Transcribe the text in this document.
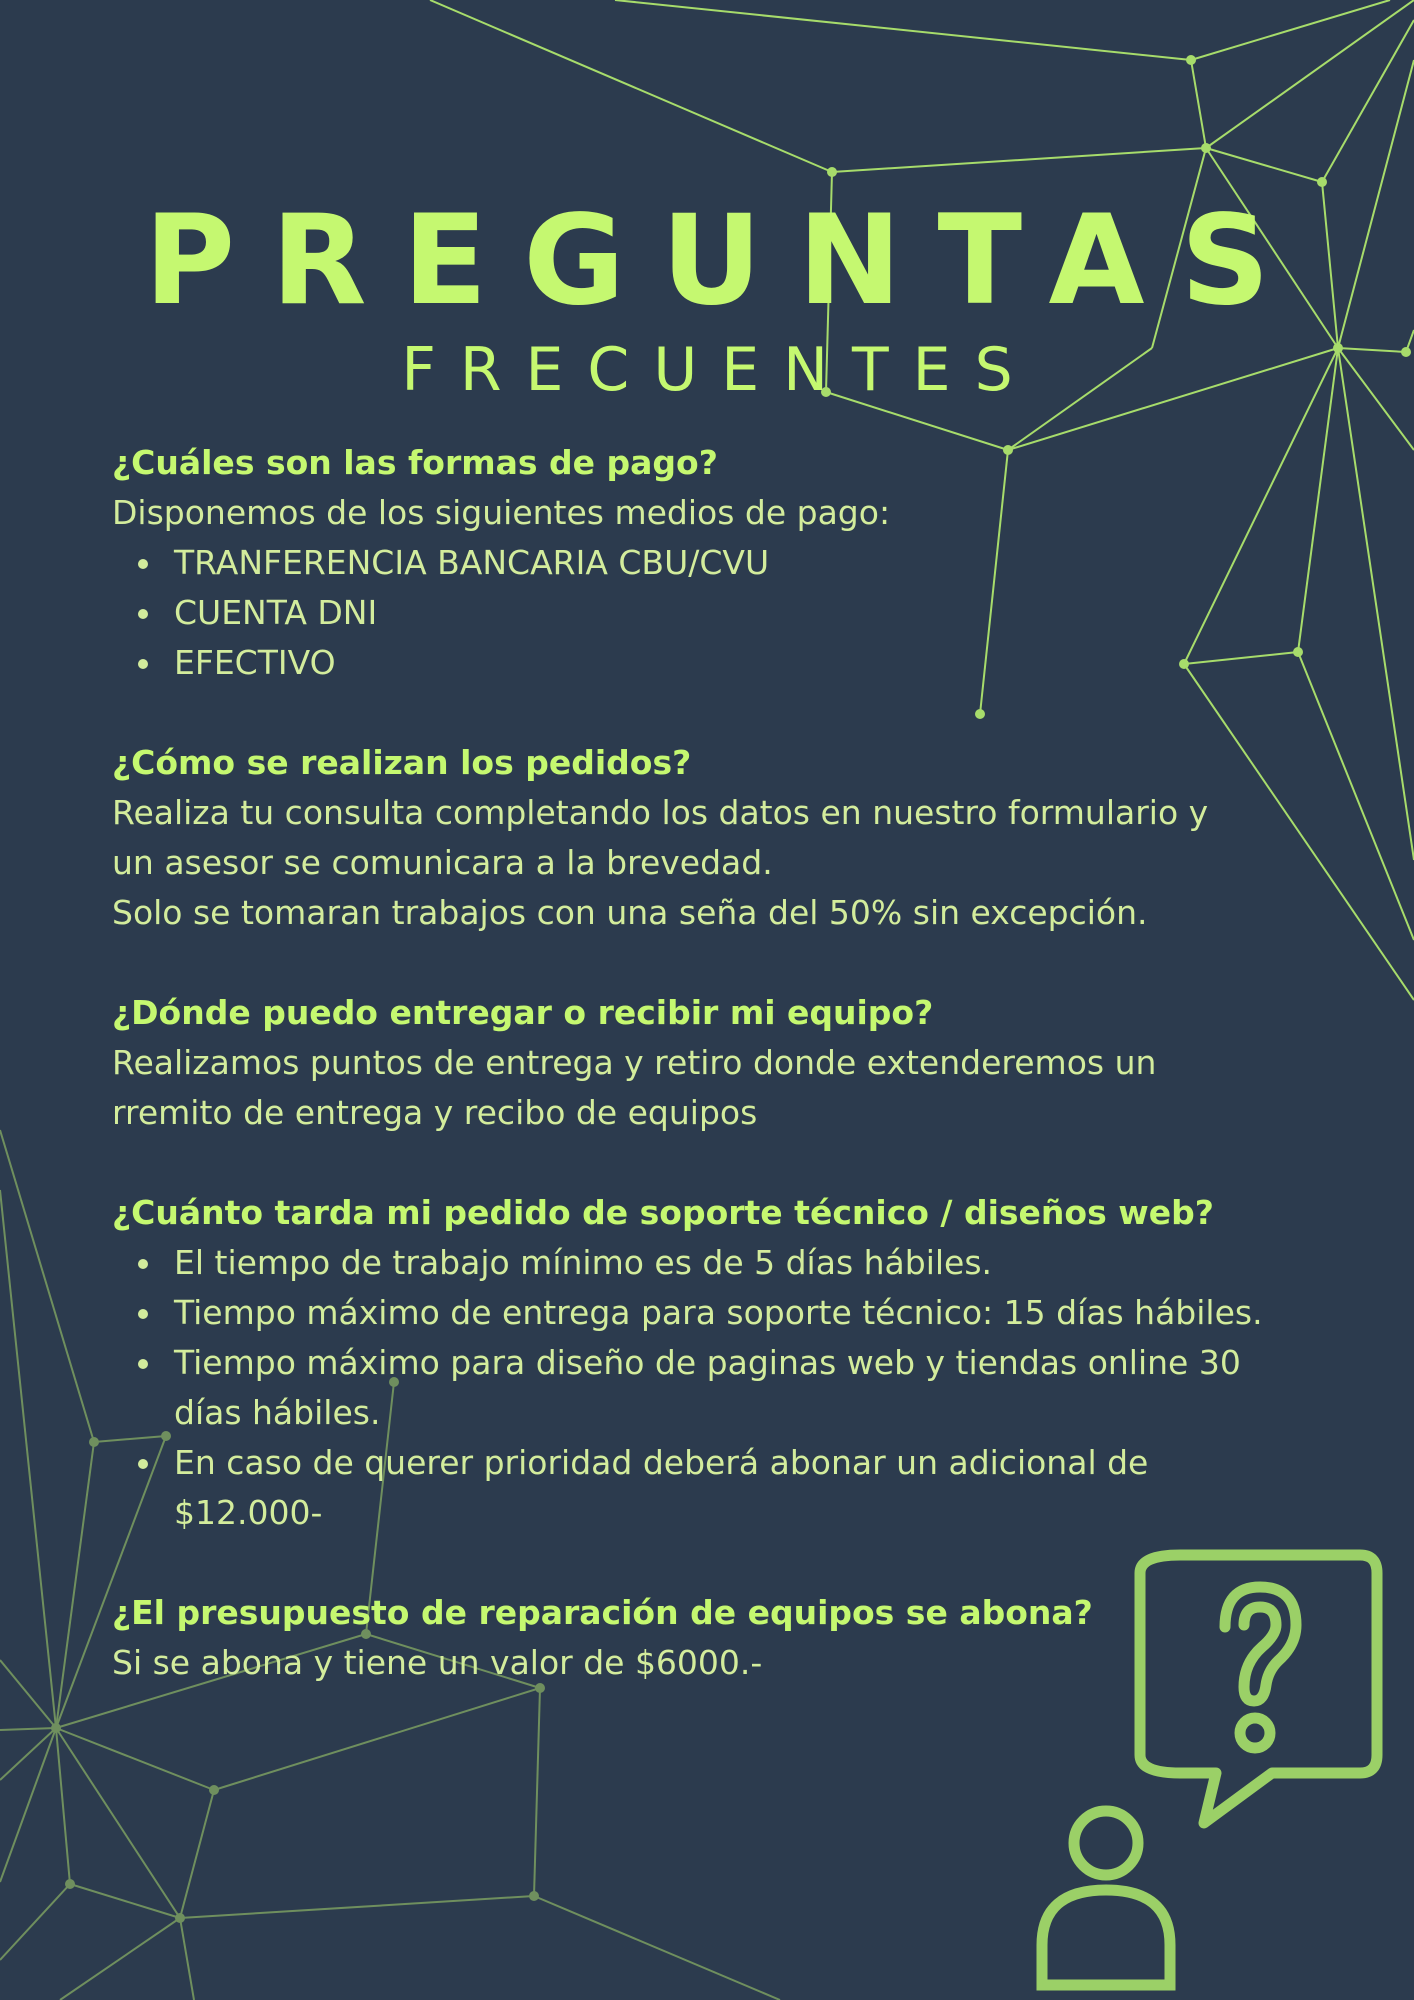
PREGUNTAS
FRECUENTES
¿Cuáles son las formas de pago?
Disponemos de los siguientes medios de pago:
TRANFERENCIA BANCARIA CBU/CVU
CUENTA DNI
EFECTIVO
¿Cómo se realizan los pedidos?
Realiza tu consulta completando los datos en nuestro formulario y un asesor se comunicara a la brevedad.
Solo se tomaran trabajos con una seña del 50% sin excepción.
¿Dónde puedo entregar o recibir mi equipo?
Realizamos puntos de entrega y retiro donde extenderemos un rremito de entrega y recibo de equipos
¿Cuánto tarda mi pedido de soporte técnico / diseños web?
El tiempo de trabajo mínimo es de 5 días hábiles.
Tiempo máximo de entrega para soporte técnico: 15 días hábiles.
Tiempo máximo para diseño de paginas web y tiendas online 30 días hábiles.
En caso de querer prioridad deberá abonar un adicional de $12.000-
¿El presupuesto de reparación de equipos se abona?
Si se abona y tiene un valor de $6000.-
